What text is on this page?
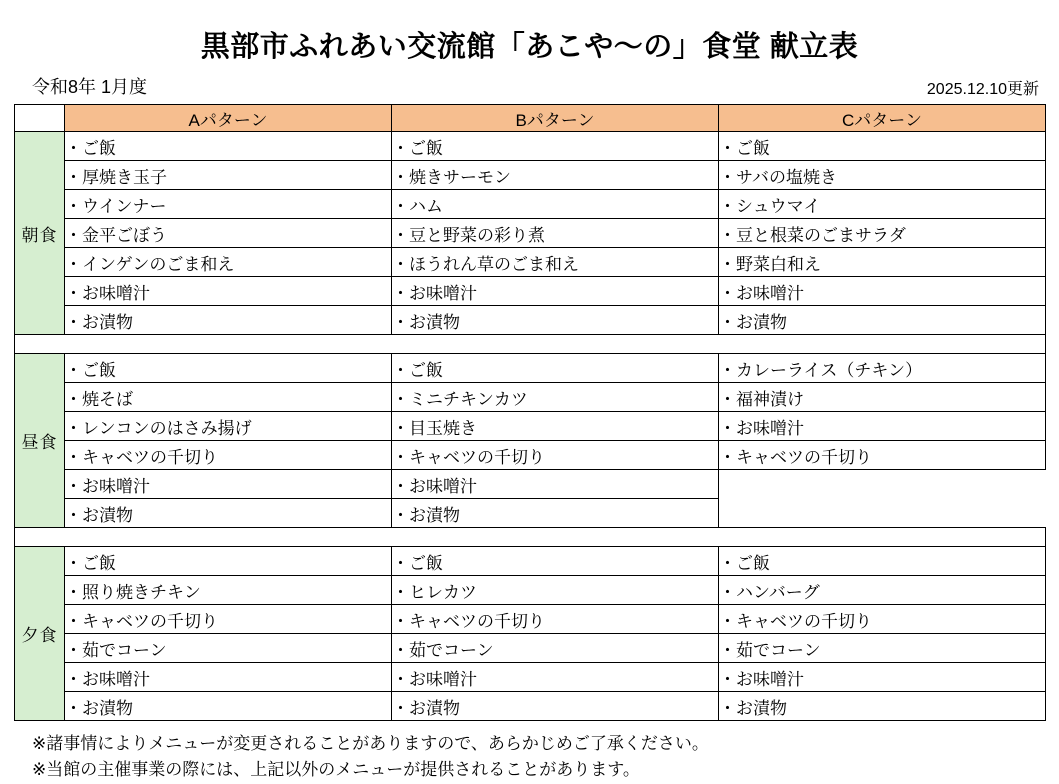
黒部市ふれあい交流館「あこや～の」食堂 献立表
令和8年 1月度	2025.12.10更新
	Aパターン	Bパターン	Cパターン
朝食	・ご飯	・ご飯	・ご飯
	・厚焼き玉子	・焼きサーモン	・サバの塩焼き
	・ウインナー	・ハム	・シュウマイ
	・金平ごぼう	・豆と野菜の彩り煮	・豆と根菜のごまサラダ
	・インゲンのごま和え	・ほうれん草のごま和え	・野菜白和え
	・お味噌汁	・お味噌汁	・お味噌汁
	・お漬物	・お漬物	・お漬物

昼食	・ご飯	・ご飯	・カレーライス（チキン）
	・焼そば	・ミニチキンカツ	・福神漬け
	・レンコンのはさみ揚げ	・目玉焼き	・お味噌汁
	・キャベツの千切り	・キャベツの千切り	・キャベツの千切り
	・お味噌汁	・お味噌汁	
	・お漬物	・お漬物	

夕食	・ご飯	・ご飯	・ご飯
	・照り焼きチキン	・ヒレカツ	・ハンバーグ
	・キャベツの千切り	・キャベツの千切り	・キャベツの千切り
	・茹でコーン	・茹でコーン	・茹でコーン
	・お味噌汁	・お味噌汁	・お味噌汁
	・お漬物	・お漬物	・お漬物
※諸事情によりメニューが変更されることがありますので、あらかじめご了承ください。
※当館の主催事業の際には、上記以外のメニューが提供されることがあります。
